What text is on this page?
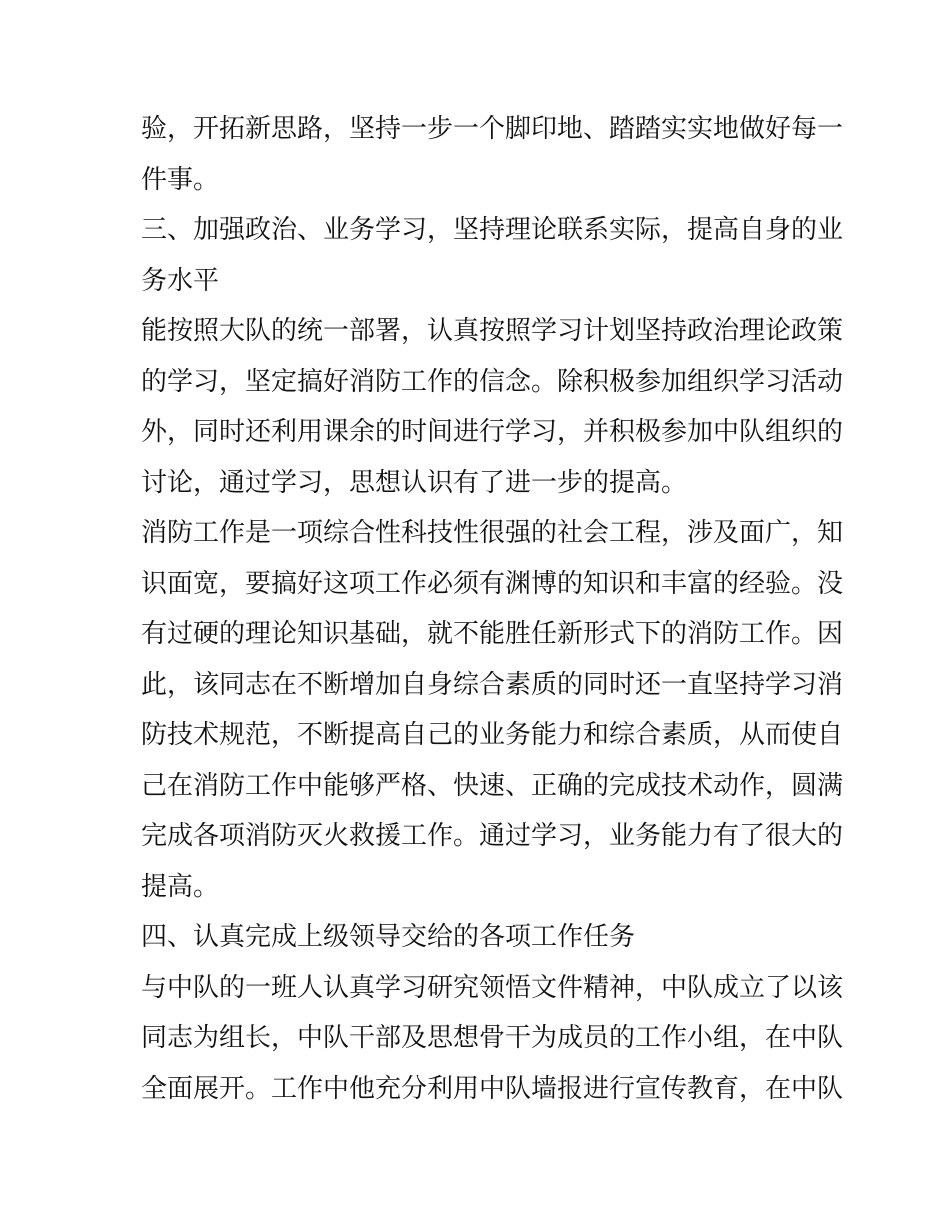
验，开拓新思路，坚持一步一个脚印地、踏踏实实地做好每一
件事。
三、加强政治、业务学习，坚持理论联系实际，提高自身的业
务水平
能按照大队的统一部署，认真按照学习计划坚持政治理论政策
的学习，坚定搞好消防工作的信念。除积极参加组织学习活动
外，同时还利用课余的时间进行学习，并积极参加中队组织的
讨论，通过学习，思想认识有了进一步的提高。
消防工作是一项综合性科技性很强的社会工程，涉及面广，知
识面宽，要搞好这项工作必须有渊博的知识和丰富的经验。没
有过硬的理论知识基础，就不能胜任新形式下的消防工作。因
此，该同志在不断增加自身综合素质的同时还一直坚持学习消
防技术规范，不断提高自己的业务能力和综合素质，从而使自
己在消防工作中能够严格、快速、正确的完成技术动作，圆满
完成各项消防灭火救援工作。通过学习，业务能力有了很大的
提高。
四、认真完成上级领导交给的各项工作任务
与中队的一班人认真学习研究领悟文件精神，中队成立了以该
同志为组长，中队干部及思想骨干为成员的工作小组，在中队
全面展开。工作中他充分利用中队墙报进行宣传教育，在中队
